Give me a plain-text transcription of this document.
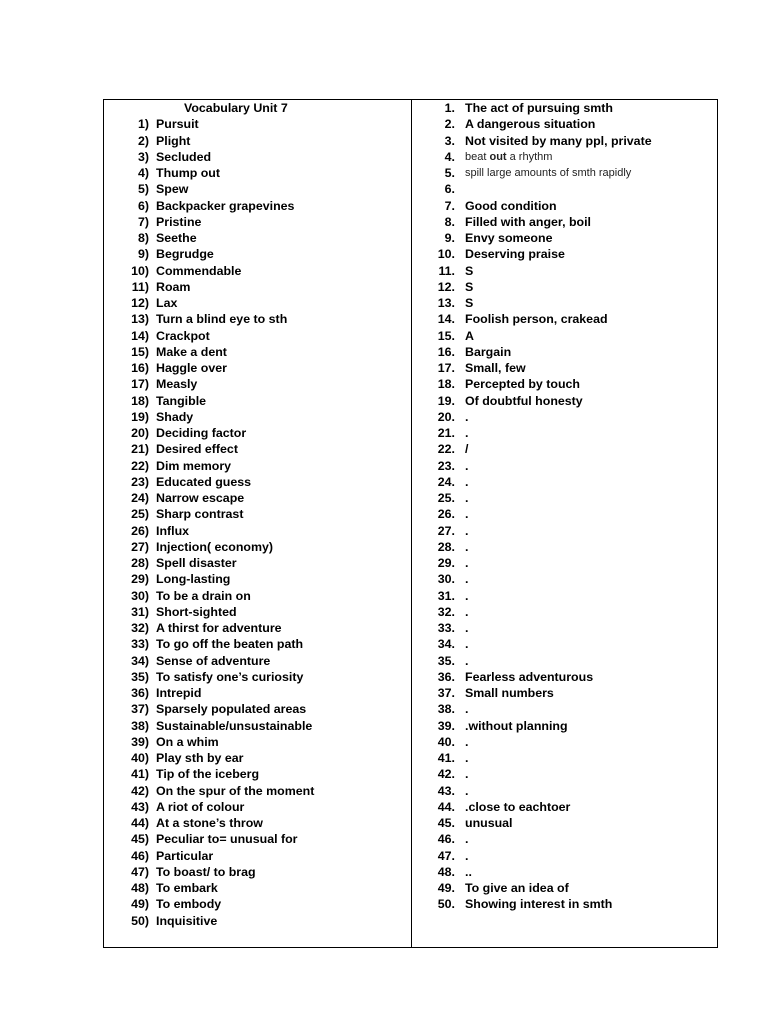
Vocabulary Unit 7
1) Pursuit
2) Plight
3) Secluded
4) Thump out
5) Spew
6) Backpacker grapevines
7) Pristine
8) Seethe
9) Begrudge
10) Commendable
11) Roam
12) Lax
13) Turn a blind eye to sth
14) Crackpot
15) Make a dent
16) Haggle over
17) Measly
18) Tangible
19) Shady
20) Deciding factor
21) Desired effect
22) Dim memory
23) Educated guess
24) Narrow escape
25) Sharp contrast
26) Influx
27) Injection( economy)
28) Spell disaster
29) Long-lasting
30) To be a drain on
31) Short-sighted
32) A thirst for adventure
33) To go off the beaten path
34) Sense of adventure
35) To satisfy one’s curiosity
36) Intrepid
37) Sparsely populated areas
38) Sustainable/unsustainable
39) On a whim
40) Play sth by ear
41) Tip of the iceberg
42) On the spur of the moment
43) A riot of colour
44) At a stone’s throw
45) Peculiar to= unusual for
46) Particular
47) To boast/ to brag
48) To embark
49) To embody
50) Inquisitive
1. The act of pursuing smth
2. A dangerous situation
3. Not visited by many ppl, private
4. beat out a rhythm
5. spill large amounts of smth rapidly
6.
7. Good condition
8. Filled with anger, boil
9. Envy someone
10. Deserving praise
11. S
12. S
13. S
14. Foolish person, crakead
15. A
16. Bargain
17. Small, few
18. Percepted by touch
19. Of doubtful honesty
20. .
21. .
22. /
23. .
24. .
25. .
26. .
27. .
28. .
29. .
30. .
31. .
32. .
33. .
34. .
35. .
36. Fearless adventurous
37. Small numbers
38. .
39. .without planning
40. .
41. .
42. .
43. .
44. .close to eachtoer
45. unusual
46. .
47. .
48. ..
49. To give an idea of
50. Showing interest in smth
